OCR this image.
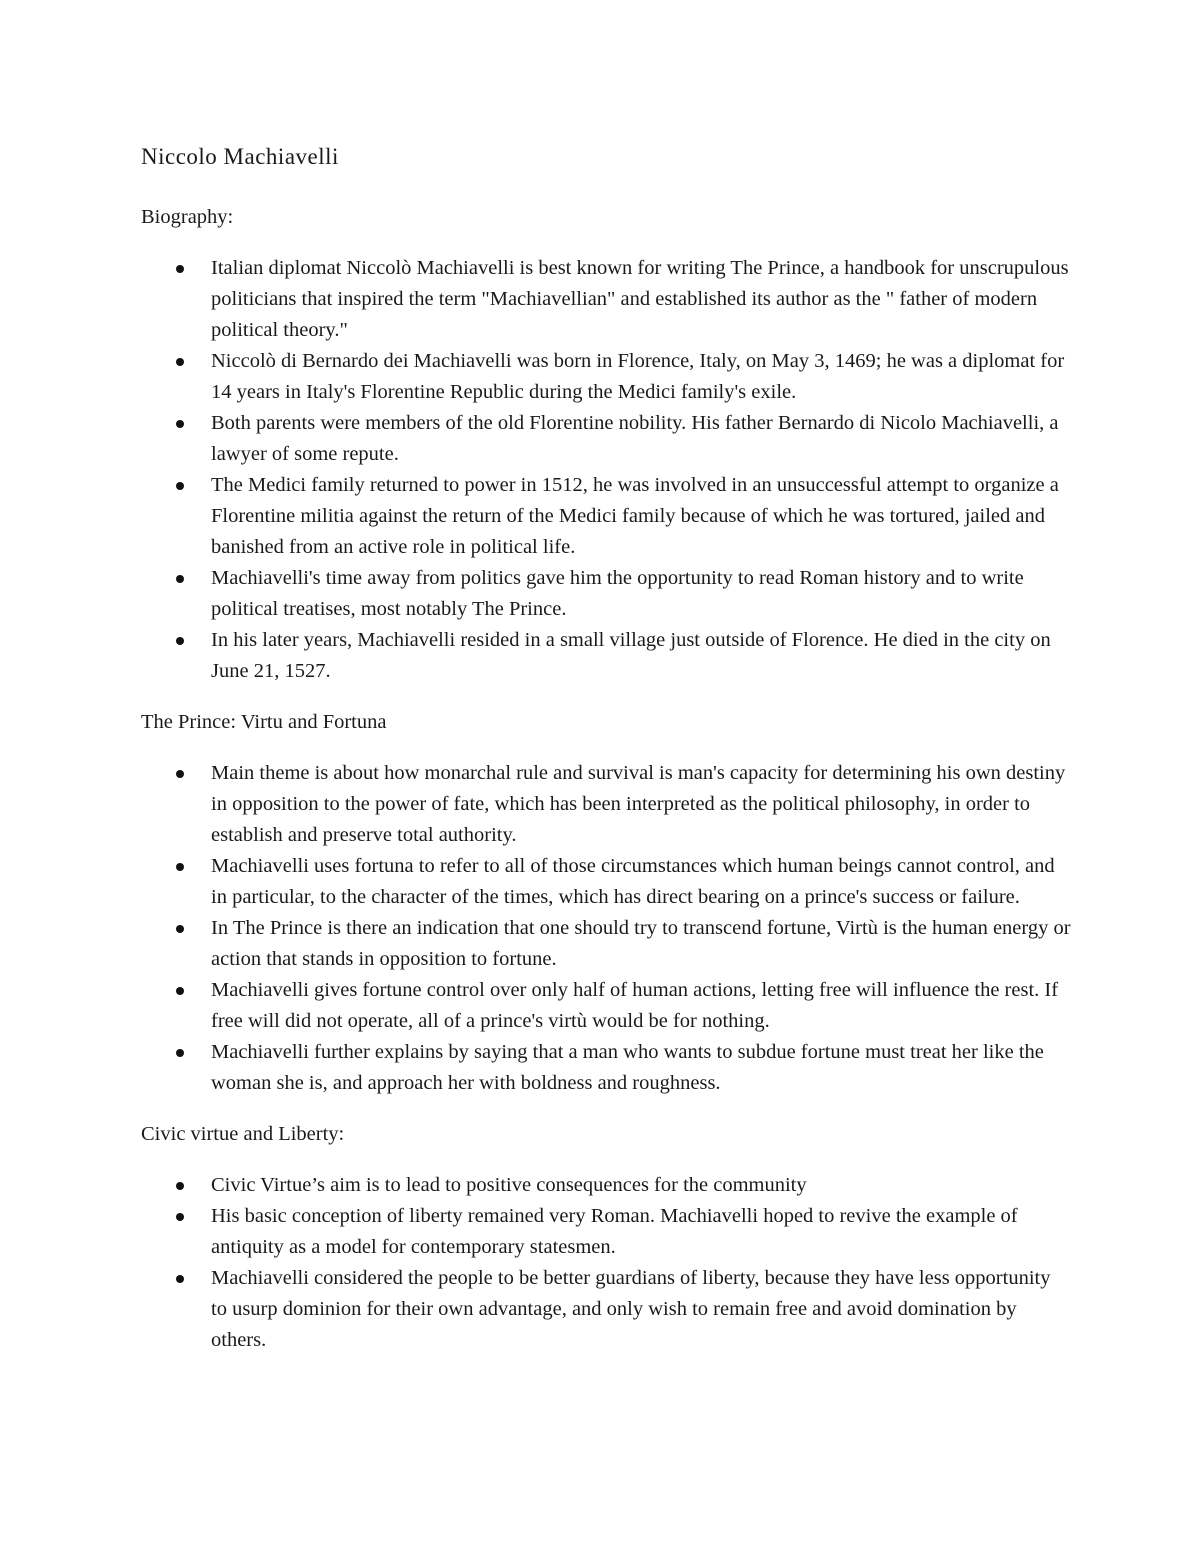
Niccolo Machiavelli

Biography:

Italian diplomat Niccolò Machiavelli is best known for writing The Prince, a handbook for unscrupulous politicians that inspired the term "Machiavellian" and established its author as the " father of modern political theory."
Niccolò di Bernardo dei Machiavelli was born in Florence, Italy, on May 3, 1469; he was a diplomat for 14 years in Italy's Florentine Republic during the Medici family's exile.
Both parents were members of the old Florentine nobility. His father Bernardo di Nicolo Machiavelli, a lawyer of some repute.
The Medici family returned to power in 1512, he was involved in an unsuccessful attempt to organize a Florentine militia against the return of the Medici family because of which he was tortured, jailed and banished from an active role in political life.
Machiavelli's time away from politics gave him the opportunity to read Roman history and to write political treatises, most notably The Prince.
In his later years, Machiavelli resided in a small village just outside of Florence. He died in the city on June 21, 1527.

The Prince: Virtu and Fortuna

Main theme is about how monarchal rule and survival is man's capacity for determining his own destiny in opposition to the power of fate, which has been interpreted as the political philosophy, in order to establish and preserve total authority.
Machiavelli uses fortuna to refer to all of those circumstances which human beings cannot control, and in particular, to the character of the times, which has direct bearing on a prince's success or failure.
In The Prince is there an indication that one should try to transcend fortune, Virtù is the human energy or action that stands in opposition to fortune.
Machiavelli gives fortune control over only half of human actions, letting free will influence the rest. If free will did not operate, all of a prince's virtù would be for nothing.
Machiavelli further explains by saying that a man who wants to subdue fortune must treat her like the woman she is, and approach her with boldness and roughness.

Civic virtue and Liberty:

Civic Virtue’s aim is to lead to positive consequences for the community
His basic conception of liberty remained very Roman. Machiavelli hoped to revive the example of antiquity as a model for contemporary statesmen.
Machiavelli considered the people to be better guardians of liberty, because they have less opportunity to usurp dominion for their own advantage, and only wish to remain free and avoid domination by others.
